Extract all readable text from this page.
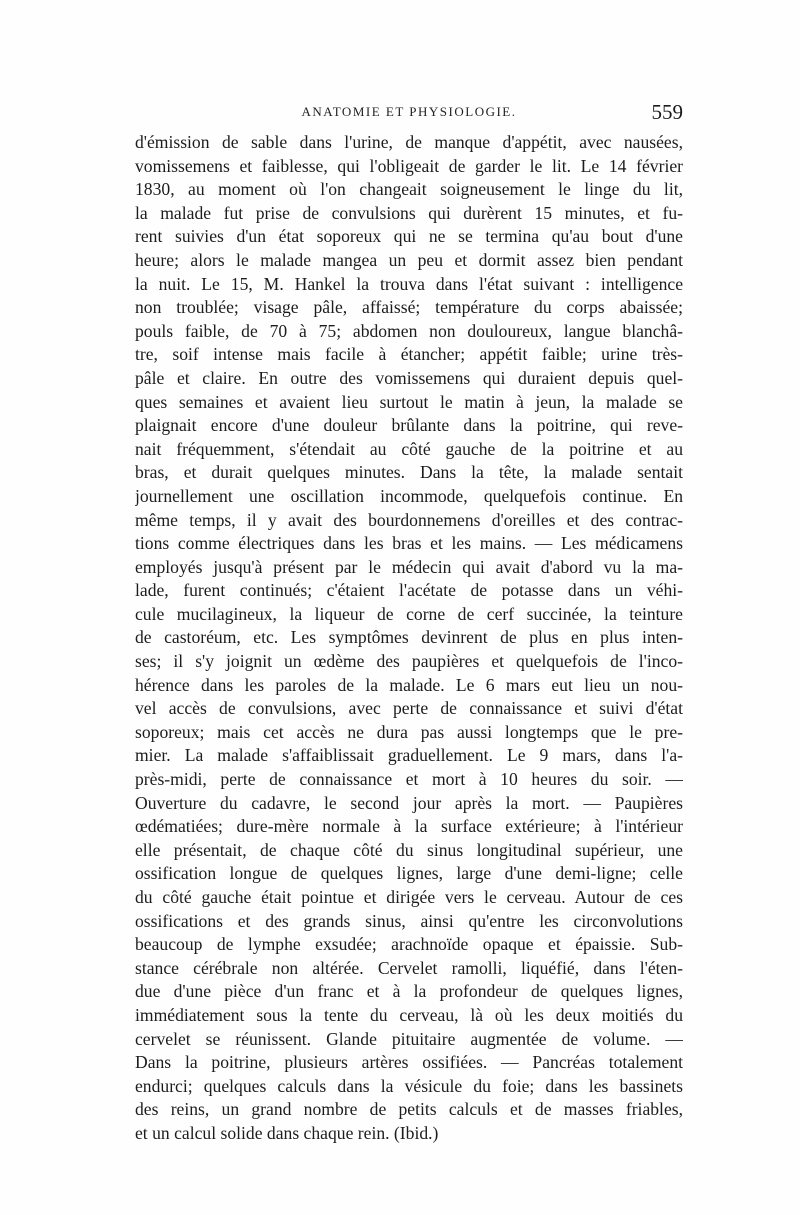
ANATOMIE ET PHYSIOLOGIE.	559
d'émission de sable dans l'urine, de manque d'appétit, avec nausées,
vomissemens et faiblesse, qui l'obligeait de garder le lit. Le 14 février
1830, au moment où l'on changeait soigneusement le linge du lit,
la malade fut prise de convulsions qui durèrent 15 minutes, et fu-
rent suivies d'un état soporeux qui ne se termina qu'au bout d'une
heure; alors le malade mangea un peu et dormit assez bien pendant
la nuit. Le 15, M. Hankel la trouva dans l'état suivant : intelligence
non troublée; visage pâle, affaissé; température du corps abaissée;
pouls faible, de 70 à 75; abdomen non douloureux, langue blanchâ-
tre, soif intense mais facile à étancher; appétit faible; urine très-
pâle et claire. En outre des vomissemens qui duraient depuis quel-
ques semaines et avaient lieu surtout le matin à jeun, la malade se
plaignait encore d'une douleur brûlante dans la poitrine, qui reve-
nait fréquemment, s'étendait au côté gauche de la poitrine et au
bras, et durait quelques minutes. Dans la tête, la malade sentait
journellement une oscillation incommode, quelquefois continue. En
même temps, il y avait des bourdonnemens d'oreilles et des contrac-
tions comme électriques dans les bras et les mains. — Les médicamens
employés jusqu'à présent par le médecin qui avait d'abord vu la ma-
lade, furent continués; c'étaient l'acétate de potasse dans un véhi-
cule mucilagineux, la liqueur de corne de cerf succinée, la teinture
de castoréum, etc. Les symptômes devinrent de plus en plus inten-
ses; il s'y joignit un œdème des paupières et quelquefois de l'inco-
hérence dans les paroles de la malade. Le 6 mars eut lieu un nou-
vel accès de convulsions, avec perte de connaissance et suivi d'état
soporeux; mais cet accès ne dura pas aussi longtemps que le pre-
mier. La malade s'affaiblissait graduellement. Le 9 mars, dans l'a-
près-midi, perte de connaissance et mort à 10 heures du soir. —
Ouverture du cadavre, le second jour après la mort. — Paupières
œdématiées; dure-mère normale à la surface extérieure; à l'intérieur
elle présentait, de chaque côté du sinus longitudinal supérieur, une
ossification longue de quelques lignes, large d'une demi-ligne; celle
du côté gauche était pointue et dirigée vers le cerveau. Autour de ces
ossifications et des grands sinus, ainsi qu'entre les circonvolutions
beaucoup de lymphe exsudée; arachnoïde opaque et épaissie. Sub-
stance cérébrale non altérée. Cervelet ramolli, liquéfié, dans l'éten-
due d'une pièce d'un franc et à la profondeur de quelques lignes,
immédiatement sous la tente du cerveau, là où les deux moitiés du
cervelet se réunissent. Glande pituitaire augmentée de volume. —
Dans la poitrine, plusieurs artères ossifiées. — Pancréas totalement
endurci; quelques calculs dans la vésicule du foie; dans les bassinets
des reins, un grand nombre de petits calculs et de masses friables,
et un calcul solide dans chaque rein. (Ibid.)
